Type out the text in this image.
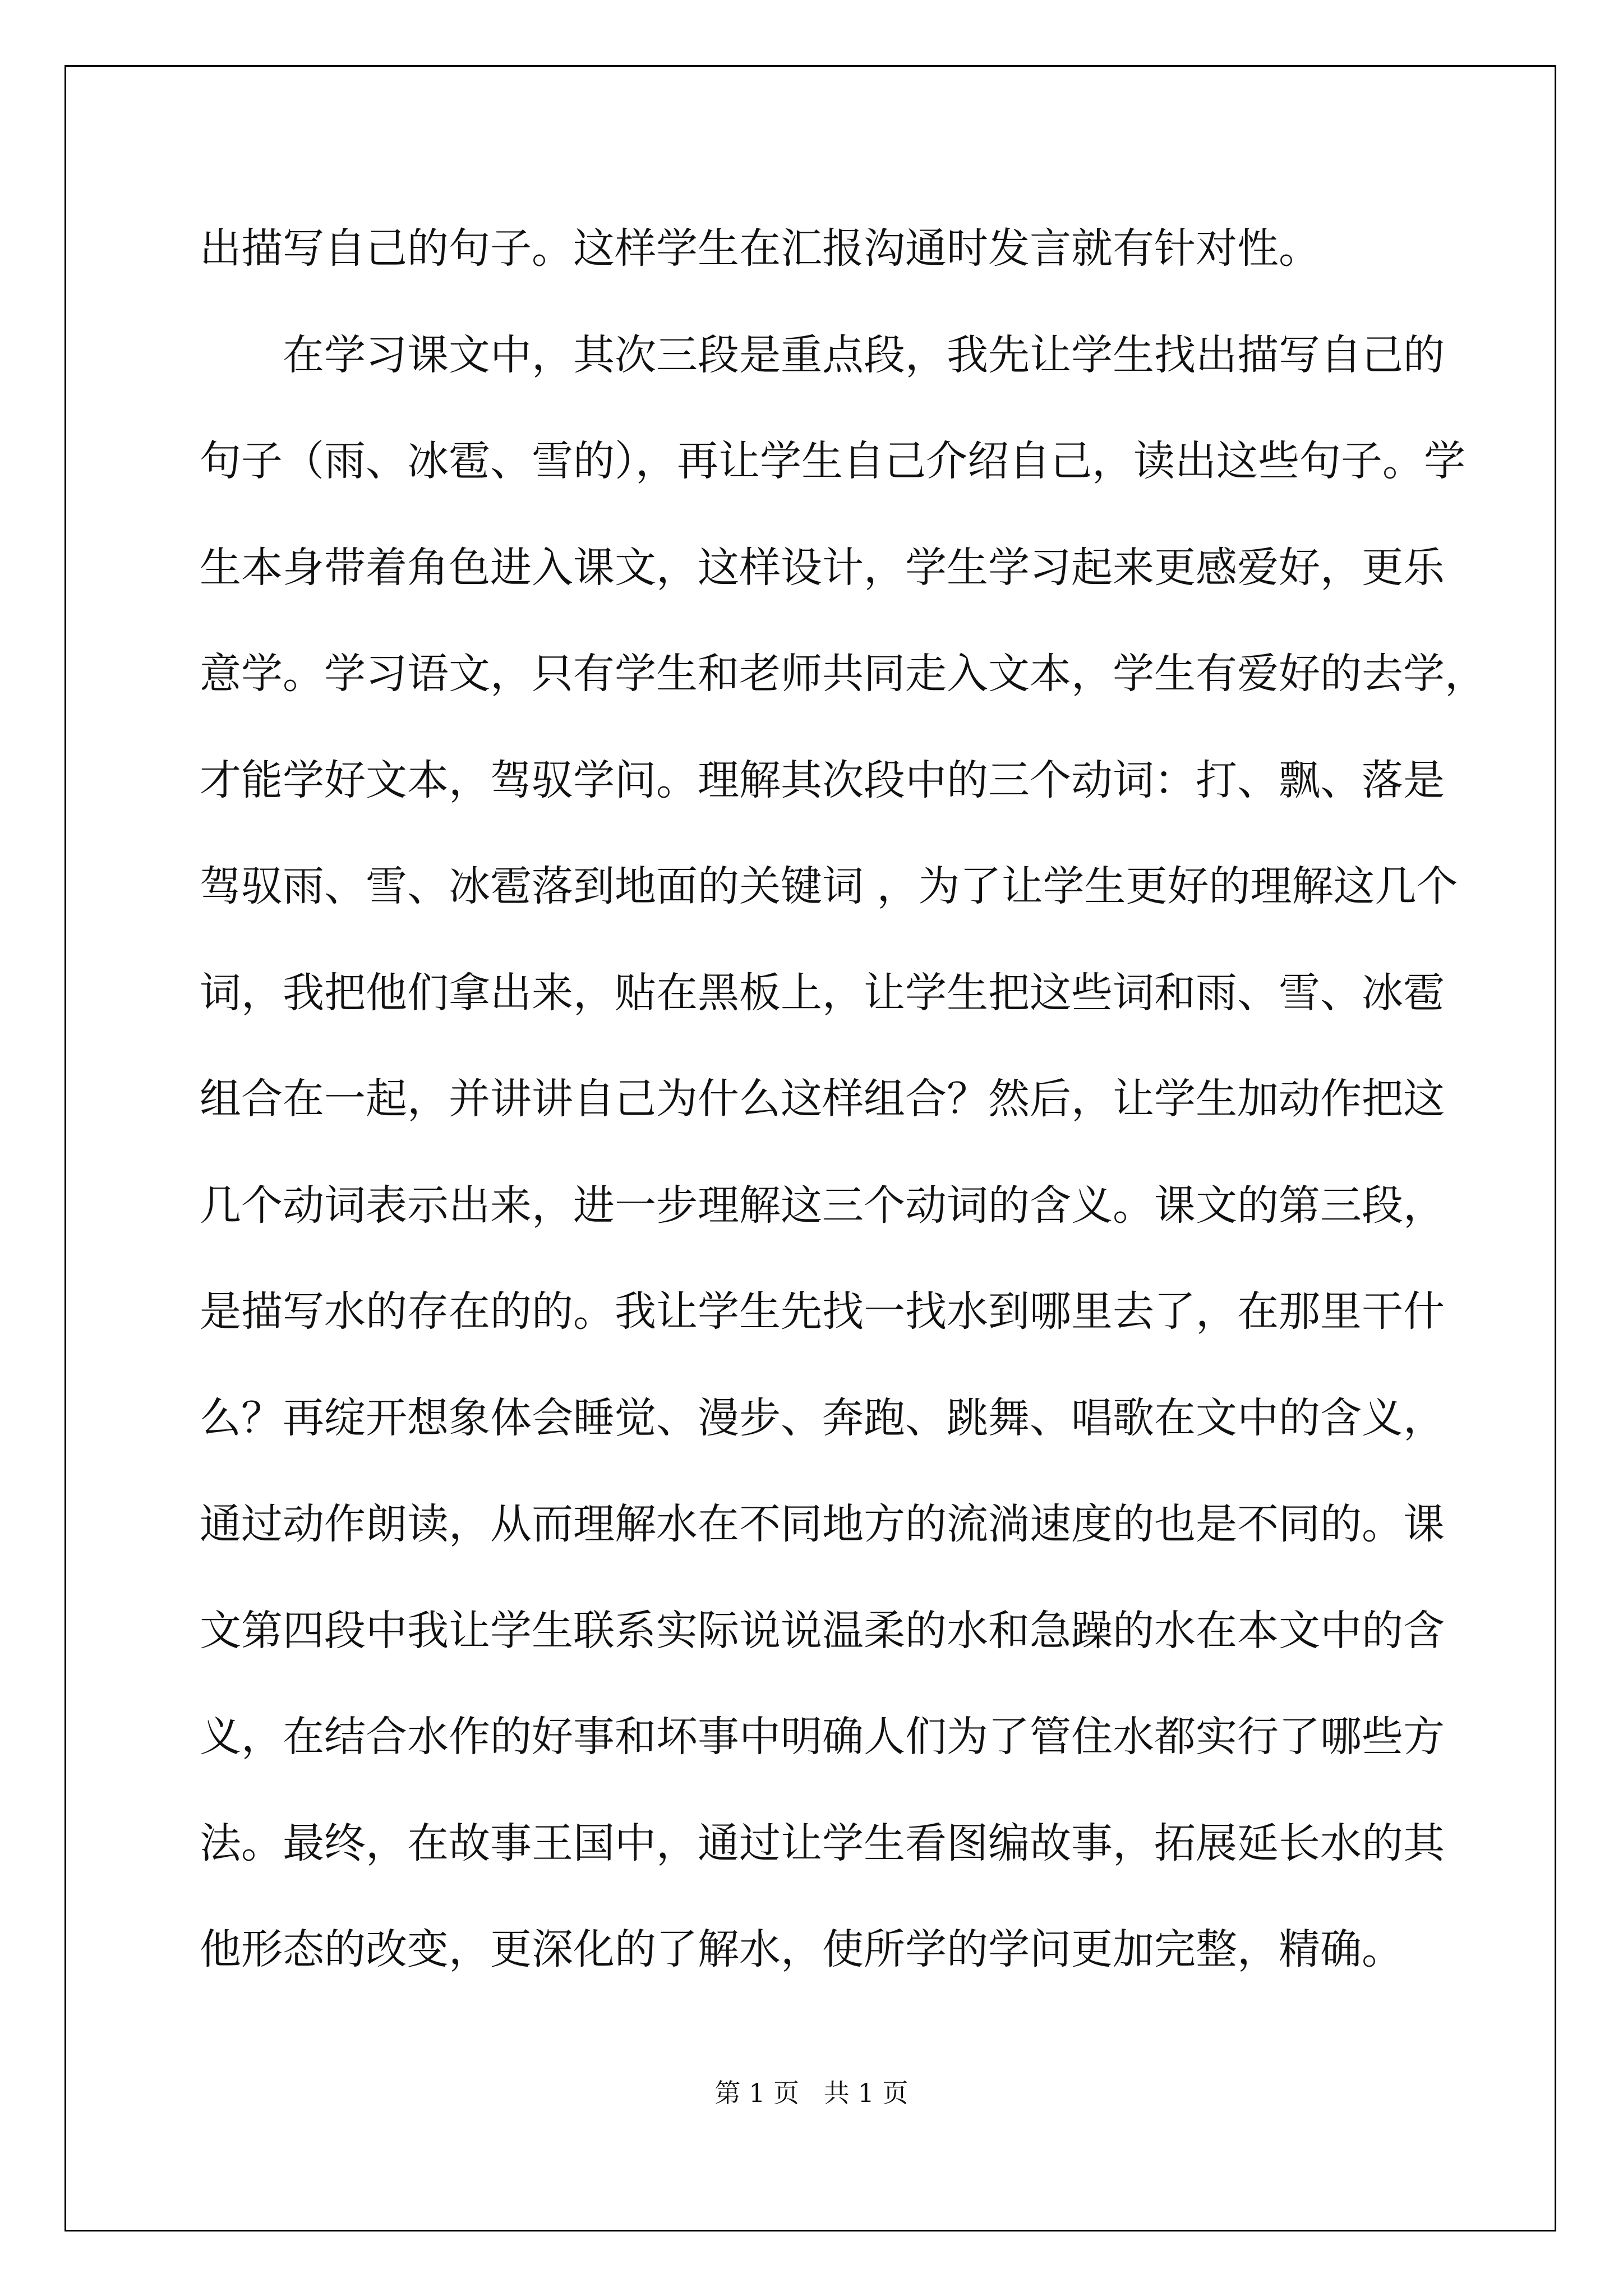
出描写自己的句子。这样学生在汇报沟通时发言就有针对性。
在学习课文中，其次三段是重点段，我先让学生找出描写自己的
句子（雨、冰雹、雪的），再让学生自己介绍自己，读出这些句子。学
生本身带着角色进入课文，这样设计，学生学习起来更感爱好，更乐
意学。学习语文，只有学生和老师共同走入文本，学生有爱好的去学，
才能学好文本，驾驭学问。理解其次段中的三个动词：打、飘、落是
驾驭雨、雪、冰雹落到地面的关键词 ，为了让学生更好的理解这几个
词，我把他们拿出来，贴在黑板上，让学生把这些词和雨、雪、冰雹
组合在一起，并讲讲自己为什么这样组合？然后，让学生加动作把这
几个动词表示出来，进一步理解这三个动词的含义。课文的第三段，
是描写水的存在的的。我让学生先找一找水到哪里去了，在那里干什
么？再绽开想象体会睡觉、漫步、奔跑、跳舞、唱歌在文中的含义，
通过动作朗读，从而理解水在不同地方的流淌速度的也是不同的。课
文第四段中我让学生联系实际说说温柔的水和急躁的水在本文中的含
义，在结合水作的好事和坏事中明确人们为了管住水都实行了哪些方
法。最终，在故事王国中，通过让学生看图编故事，拓展延长水的其
他形态的改变，更深化的了解水，使所学的学问更加完整，精确。
第 1 页   共 1 页
